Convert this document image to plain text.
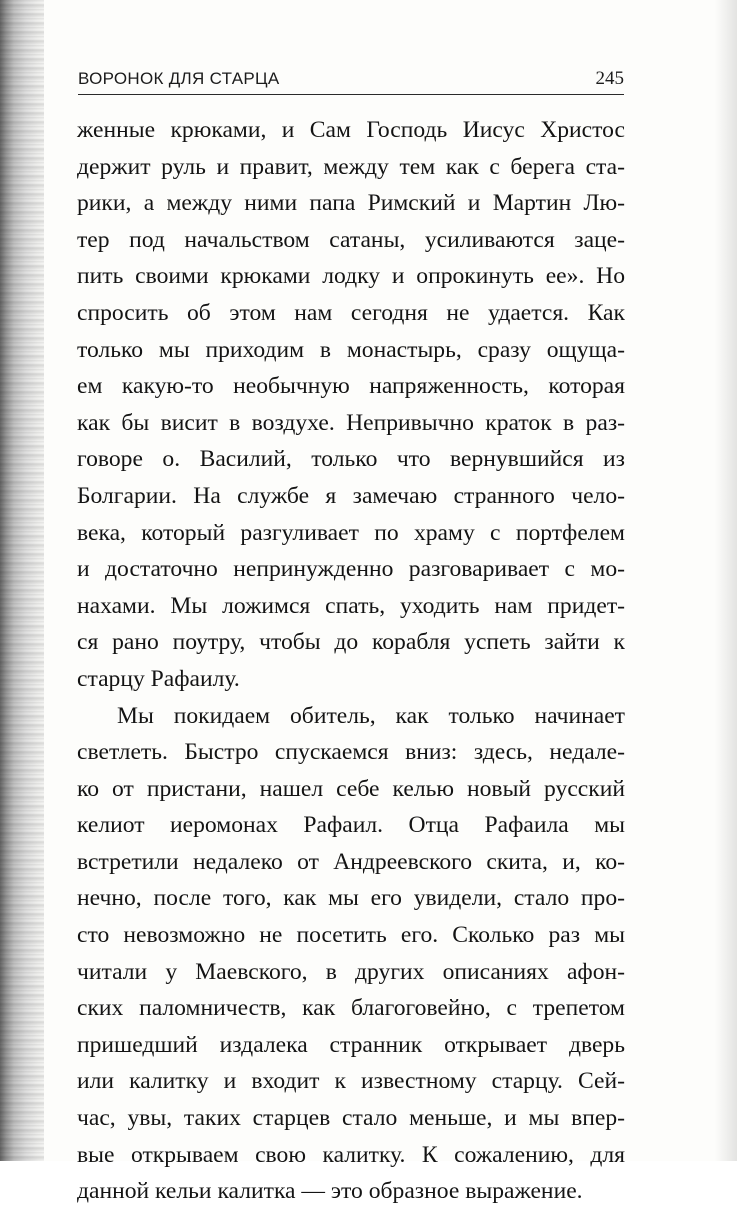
ВОРОНОК ДЛЯ СТАРЦА	245
женные крюками, и Сам Господь Иисус Христос
держит руль и правит, между тем как с берега ста-
рики, а между ними папа Римский и Мартин Лю-
тер под начальством сатаны, усиливаются заце-
пить своими крюками лодку и опрокинуть ее». Но
спросить об этом нам сегодня не удается. Как
только мы приходим в монастырь, сразу ощуща-
ем какую-то необычную напряженность, которая
как бы висит в воздухе. Непривычно краток в раз-
говоре о. Василий, только что вернувшийся из
Болгарии. На службе я замечаю странного чело-
века, который разгуливает по храму с портфелем
и достаточно непринужденно разговаривает с мо-
нахами. Мы ложимся спать, уходить нам придет-
ся рано поутру, чтобы до корабля успеть зайти к
старцу Рафаилу.
Мы покидаем обитель, как только начинает
светлеть. Быстро спускаемся вниз: здесь, недале-
ко от пристани, нашел себе келью новый русский
келиот иеромонах Рафаил. Отца Рафаила мы
встретили недалеко от Андреевского скита, и, ко-
нечно, после того, как мы его увидели, стало про-
сто невозможно не посетить его. Сколько раз мы
читали у Маевского, в других описаниях афон-
ских паломничеств, как благоговейно, с трепетом
пришедший издалека странник открывает дверь
или калитку и входит к известному старцу. Сей-
час, увы, таких старцев стало меньше, и мы впер-
вые открываем свою калитку. К сожалению, для
данной кельи калитка — это образное выражение.
